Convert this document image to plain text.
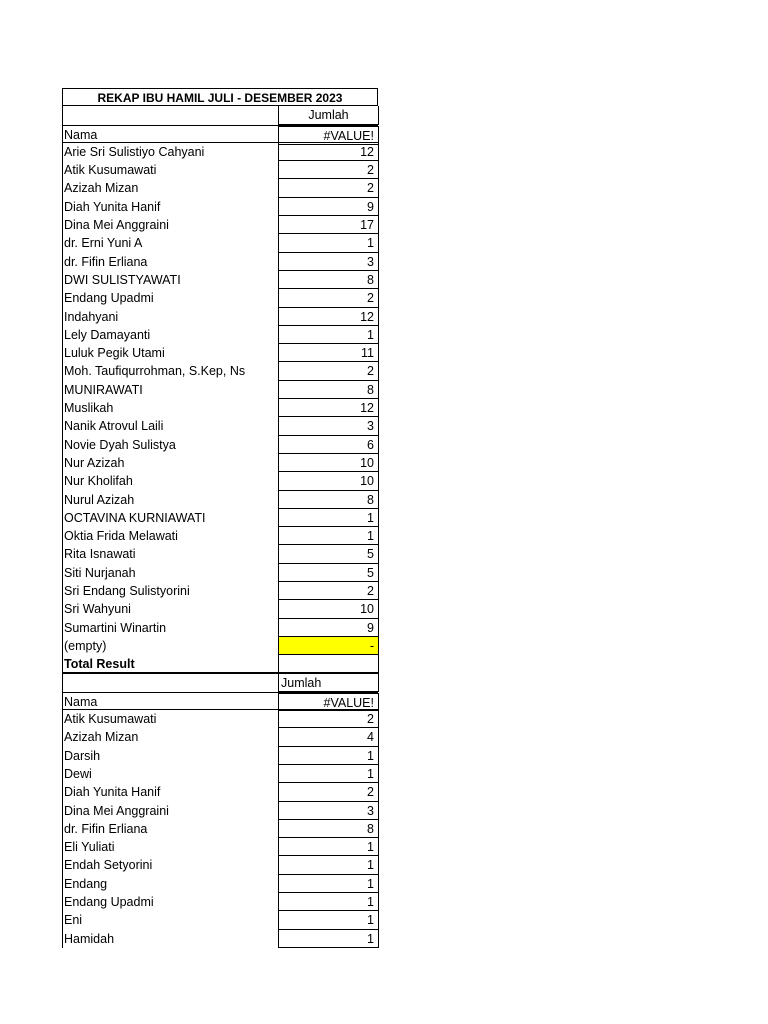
REKAP IBU HAMIL JULI - DESEMBER 2023
Jumlah
Nama	#VALUE!
Arie Sri Sulistiyo Cahyani	12
Atik Kusumawati	2
Azizah Mizan	2
Diah Yunita Hanif	9
Dina Mei Anggraini	17
dr. Erni Yuni A	1
dr. Fifin Erliana	3
DWI SULISTYAWATI	8
Endang Upadmi	2
Indahyani	12
Lely Damayanti	1
Luluk Pegik Utami	11
Moh. Taufiqurrohman, S.Kep, Ns	2
MUNIRAWATI	8
Muslikah	12
Nanik Atrovul Laili	3
Novie Dyah Sulistya	6
Nur Azizah	10
Nur Kholifah	10
Nurul Azizah	8
OCTAVINA KURNIAWATI	1
Oktia Frida Melawati	1
Rita Isnawati	5
Siti Nurjanah	5
Sri Endang Sulistyorini	2
Sri Wahyuni	10
Sumartini Winartin	9
(empty)	-
Total Result
Jumlah
Nama	#VALUE!
Atik Kusumawati	2
Azizah Mizan	4
Darsih	1
Dewi	1
Diah Yunita Hanif	2
Dina Mei Anggraini	3
dr. Fifin Erliana	8
Eli Yuliati	1
Endah Setyorini	1
Endang	1
Endang Upadmi	1
Eni	1
Hamidah	1
